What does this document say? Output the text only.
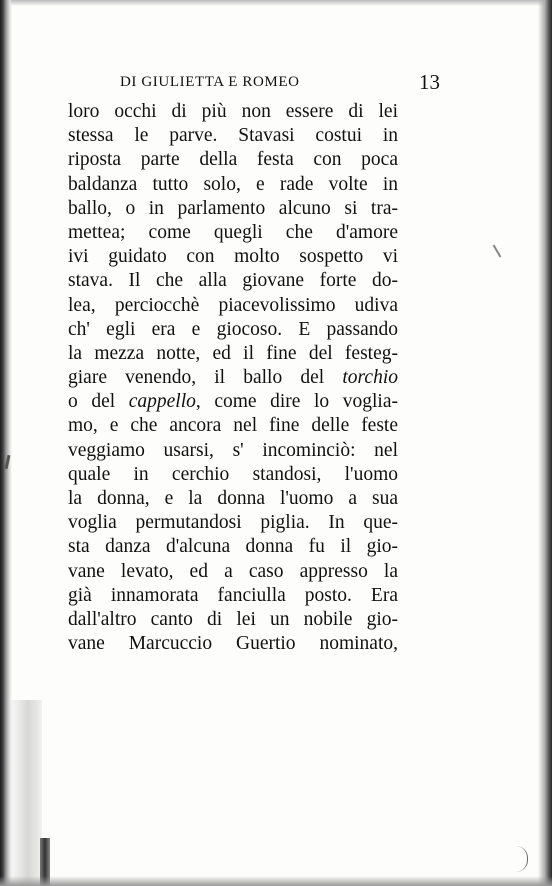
DI GIULIETTA E ROMEO	13
loro occhi di più non essere di lei
stessa le parve. Stavasi costui in
riposta parte della festa con poca
baldanza tutto solo, e rade volte in
ballo, o in parlamento alcuno si tra-
mettea; come quegli che d'amore
ivi guidato con molto sospetto vi
stava. Il che alla giovane forte do-
lea, perciocchè piacevolissimo udiva
ch' egli era e giocoso. E passando
la mezza notte, ed il fine del festeg-
giare venendo, il ballo del torchio
o del cappello, come dire lo voglia-
mo, e che ancora nel fine delle feste
veggiamo usarsi, s' incominciò: nel
quale in cerchio standosi, l'uomo
la donna, e la donna l'uomo a sua
voglia permutandosi piglia. In que-
sta danza d'alcuna donna fu il gio-
vane levato, ed a caso appresso la
già innamorata fanciulla posto. Era
dall'altro canto di lei un nobile gio-
vane Marcuccio Guertio nominato,
